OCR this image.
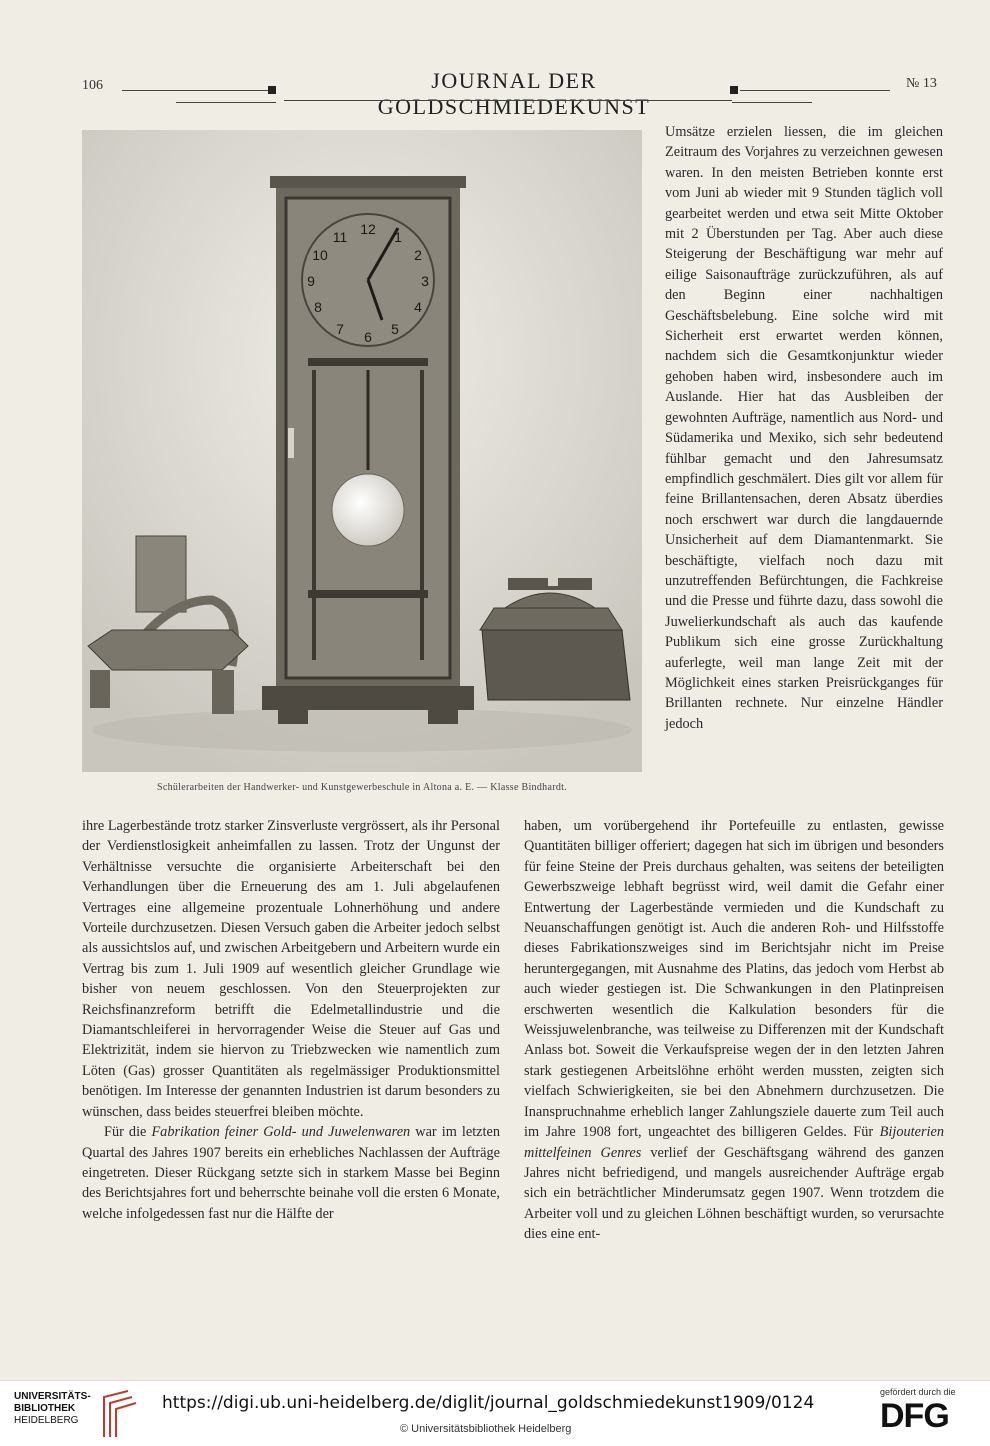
106	JOURNAL DER GOLDSCHMIEDEKUNST
№ 13
12 1
2
3
4
5
6
7
8
9
10
11
Schülerarbeiten der Handwerker- und Kunstgewerbeschule in Altona a. E. — Klasse Bindhardt.

Umsätze erzielen liessen, die im gleichen Zeitraum des Vorjahres zu verzeichnen gewesen waren. In den meisten Betrieben konnte erst vom Juni ab wieder mit 9 Stunden täglich voll gearbeitet werden und etwa seit Mitte Oktober mit 2 Überstunden per Tag. Aber auch diese Steigerung der Beschäftigung war mehr auf eilige Saisonaufträge zurückzuführen, als auf den Beginn einer nachhaltigen Geschäftsbelebung. Eine solche wird mit Sicherheit erst erwartet werden können, nachdem sich die Gesamtkonjunktur wieder gehoben haben wird, insbesondere auch im Auslande. Hier hat das Ausbleiben der gewohnten Aufträge, namentlich aus Nord- und Südamerika und Mexiko, sich sehr bedeutend fühlbar gemacht und den Jahresumsatz empfindlich geschmälert. Dies gilt vor allem für feine Brillantensachen, deren Absatz überdies noch erschwert war durch die langdauernde Unsicherheit auf dem Diamantenmarkt. Sie beschäftigte, vielfach noch dazu mit unzutreffenden Befürchtungen, die Fachkreise und die Presse und führte dazu, dass sowohl die Juwelierkundschaft als auch das kaufende Publikum sich eine grosse Zurückhaltung auferlegte, weil man lange Zeit mit der Möglichkeit eines starken Preisrückganges für Brillanten rechnete. Nur einzelne Händler jedoch

ihre Lagerbestände trotz starker Zinsverluste vergrössert, als ihr Personal der Verdienstlosigkeit anheimfallen zu lassen. Trotz der Ungunst der Verhältnisse versuchte die organisierte Arbeiterschaft bei den Verhandlungen über die Erneuerung des am 1. Juli abgelaufenen Vertrages eine allgemeine prozentuale Lohnerhöhung und andere Vorteile durchzusetzen. Diesen Versuch gaben die Arbeiter jedoch selbst als aussichtslos auf, und zwischen Arbeitgebern und Arbeitern wurde ein Vertrag bis zum 1. Juli 1909 auf wesentlich gleicher Grundlage wie bisher von neuem geschlossen. Von den Steuerprojekten zur Reichsfinanzreform betrifft die Edelmetallindustrie und die Diamantschleiferei in hervorragender Weise die Steuer auf Gas und Elektrizität, indem sie hiervon zu Triebzwecken wie namentlich zum Löten (Gas) grosser Quantitäten als regelmässiger Produktionsmittel benötigen. Im Interesse der genannten Industrien ist darum besonders zu wünschen, dass beides steuerfrei bleiben möchte.

Für die Fabrikation feiner Gold- und Juwelenwaren war im letzten Quartal des Jahres 1907 bereits ein erhebliches Nachlassen der Aufträge eingetreten. Dieser Rückgang setzte sich in starkem Masse bei Beginn des Berichtsjahres fort und beherrschte beinahe voll die ersten 6 Monate, welche infolgedessen fast nur die Hälfte der

haben, um vorübergehend ihr Portefeuille zu entlasten, gewisse Quantitäten billiger offeriert; dagegen hat sich im übrigen und besonders für feine Steine der Preis durchaus gehalten, was seitens der beteiligten Gewerbszweige lebhaft begrüsst wird, weil damit die Gefahr einer Entwertung der Lagerbestände vermieden und die Kundschaft zu Neuanschaffungen genötigt ist. Auch die anderen Roh- und Hilfsstoffe dieses Fabrikationszweiges sind im Berichtsjahr nicht im Preise heruntergegangen, mit Ausnahme des Platins, das jedoch vom Herbst ab auch wieder gestiegen ist. Die Schwankungen in den Platinpreisen erschwerten wesentlich die Kalkulation besonders für die Weissjuwelenbranche, was teilweise zu Differenzen mit der Kundschaft Anlass bot. Soweit die Verkaufspreise wegen der in den letzten Jahren stark gestiegenen Arbeitslöhne erhöht werden mussten, zeigten sich vielfach Schwierigkeiten, sie bei den Abnehmern durchzusetzen. Die Inanspruchnahme erheblich langer Zahlungsziele dauerte zum Teil auch im Jahre 1908 fort, ungeachtet des billigeren Geldes. Für Bijouterien mittelfeinen Genres verlief der Geschäftsgang während des ganzen Jahres nicht befriedigend, und mangels ausreichender Aufträge ergab sich ein beträchtlicher Minderumsatz gegen 1907. Wenn trotzdem die Arbeiter voll und zu gleichen Löhnen beschäftigt wurden, so verursachte dies eine ent-

UNIVERSITÄTS-
BIBLIOTHEK
HEIDELBERG
https://digi.ub.uni-heidelberg.de/diglit/journal_goldschmiedekunst1909/0124
© Universitätsbibliothek Heidelberg
gefördert durch die
DFG
